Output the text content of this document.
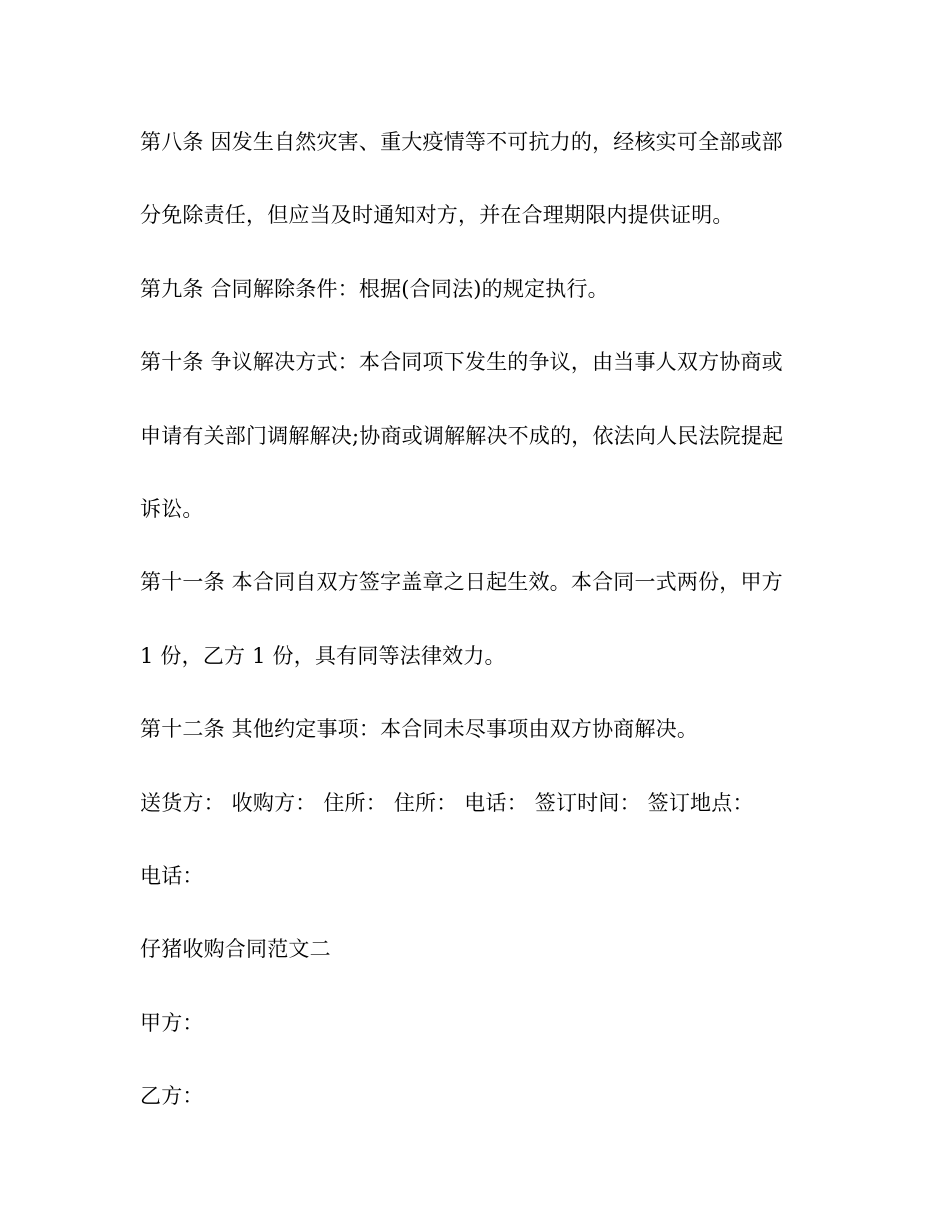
第八条 因发生自然灾害、重大疫情等不可抗力的，经核实可全部或部
分免除责任，但应当及时通知对方，并在合理期限内提供证明。
第九条 合同解除条件：根据(合同法)的规定执行。
第十条 争议解决方式：本合同项下发生的争议，由当事人双方协商或
申请有关部门调解解决;协商或调解解决不成的，依法向人民法院提起
诉讼。
第十一条 本合同自双方签字盖章之日起生效。本合同一式两份，甲方
1 份，乙方 1 份，具有同等法律效力。
第十二条 其他约定事项：本合同未尽事项由双方协商解决。
送货方： 收购方： 住所： 住所： 电话： 签订时间： 签订地点：
电话：
仔猪收购合同范文二
甲方：
乙方：
